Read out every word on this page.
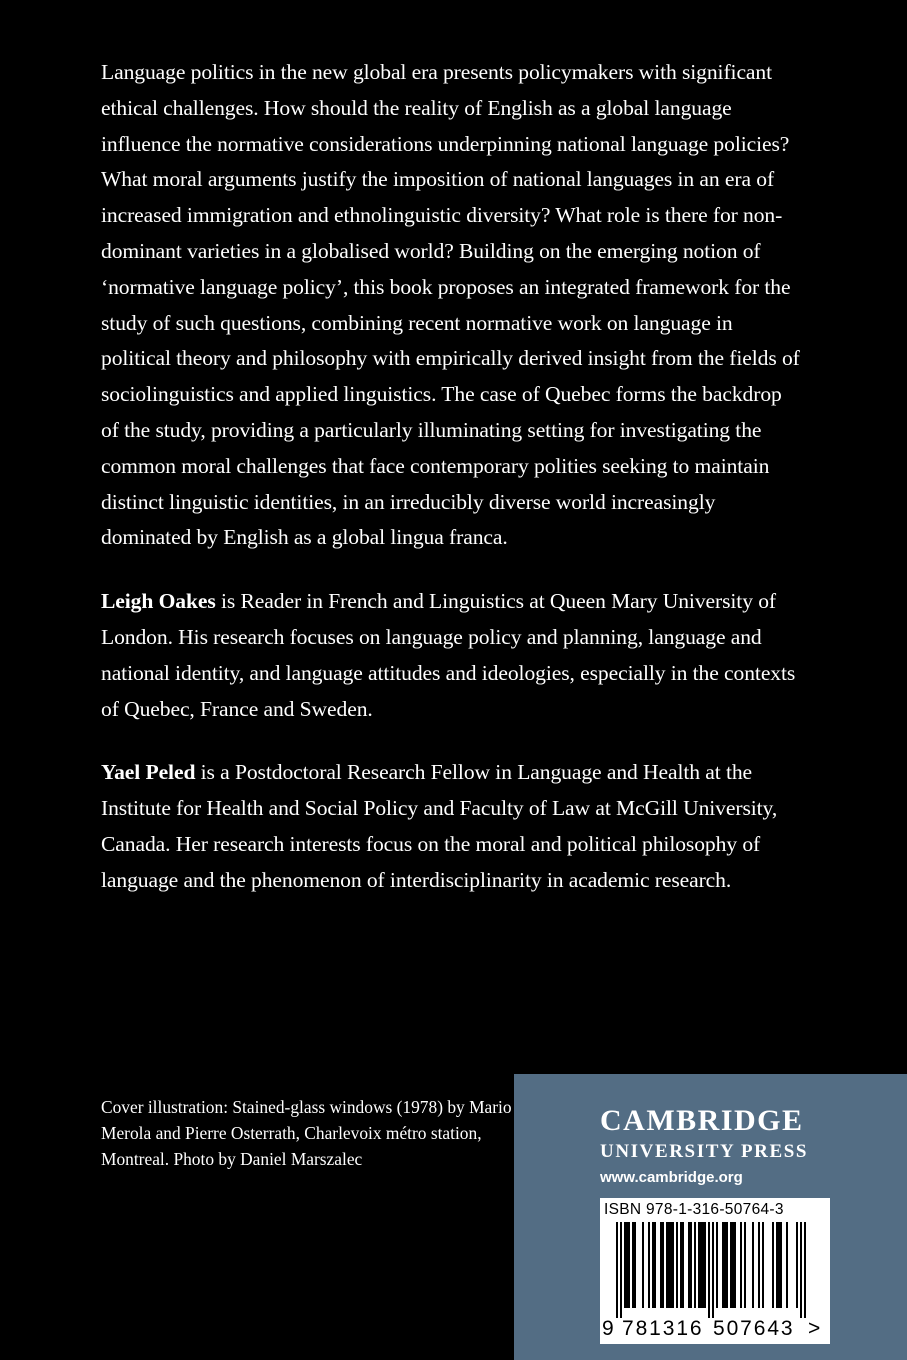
Language politics in the new global era presents policymakers with significant ethical challenges. How should the reality of English as a global language influence the normative considerations underpinning national language policies? What moral arguments justify the imposition of national languages in an era of increased immigration and ethnolinguistic diversity? What role is there for non-dominant varieties in a globalised world? Building on the emerging notion of ‘normative language policy’, this book proposes an integrated framework for the study of such questions, combining recent normative work on language in political theory and philosophy with empirically derived insight from the fields of sociolinguistics and applied linguistics. The case of Quebec forms the backdrop of the study, providing a particularly illuminating setting for investigating the common moral challenges that face contemporary polities seeking to maintain distinct linguistic identities, in an irreducibly diverse world increasingly dominated by English as a global lingua franca.

Leigh Oakes is Reader in French and Linguistics at Queen Mary University of London. His research focuses on language policy and planning, language and national identity, and language attitudes and ideologies, especially in the contexts of Quebec, France and Sweden.

Yael Peled is a Postdoctoral Research Fellow in Language and Health at the Institute for Health and Social Policy and Faculty of Law at McGill University, Canada. Her research interests focus on the moral and political philosophy of language and the phenomenon of interdisciplinarity in academic research.

Cover illustration: Stained-glass windows (1978) by Mario Merola and Pierre Osterrath, Charlevoix métro station, Montreal. Photo by Daniel Marszalec
CAMBRIDGE
UNIVERSITY PRESS
www.cambridge.org
ISBN 978-1-316-50764-3
9 781316 507643 >
